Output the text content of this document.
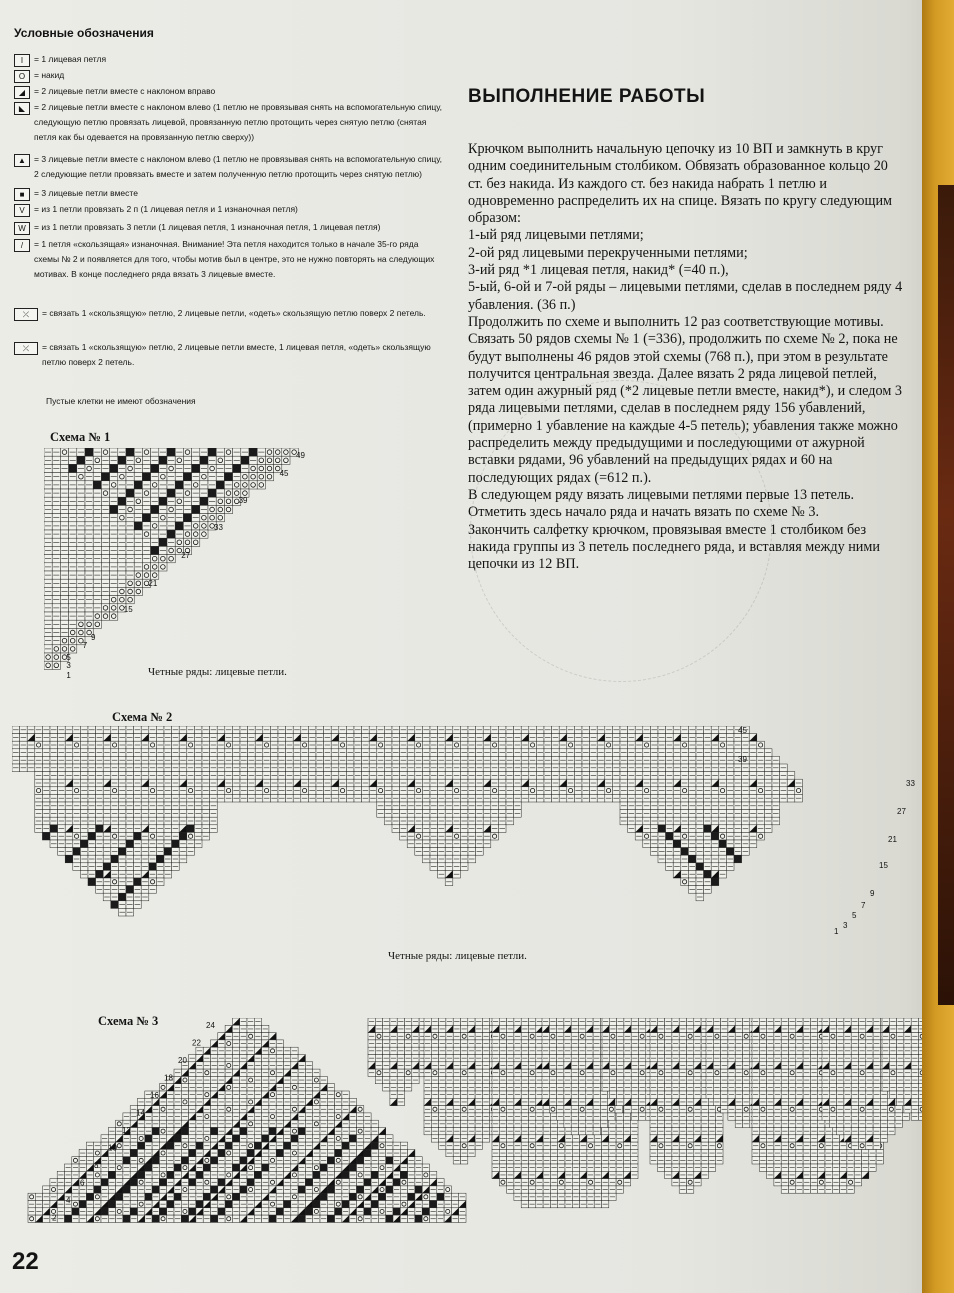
Условные обозначения
I	= 1 лицевая петля
O	= накид
◢	= 2 лицевые петли вместе с наклоном вправо
◣	= 2 лицевые петли вместе с наклоном влево (1 петлю не провязывая снять на вспомогательную спицу, следующую петлю провязать лицевой, провязанную петлю протощить через снятую петлю (снятая петля как бы одевается на провязанную петлю сверху))
▲ = 3 лицевые петли вместе с наклоном влево (1 петлю не провязывая снять на вспомогательную спицу, 2 следующие петли провязать вместе и затем полученную петлю протощить через снятую петлю)
■	= 3 лицевые петли вместе
V	= из 1 петли провязать 2 п (1 лицевая петля и 1 изнаночная петля)
W = из 1 петли провязать 3 петли (1 лицевая петля, 1 изнаночная петля, 1 лицевая петля)
/	= 1 петля «скользящая» изнаночная. Внимание! Эта петля находится только в начале 35-го ряда схемы № 2 и появляется для того, чтобы мотив был в центре, это не нужно повторять на следующих мотивах. В конце последнего ряда вязать 3 лицевые вместе.
⤫	= связать 1 «скользящую» петлю, 2 лицевые петли, «одеть» скользящую петлю поверх 2 петель.
⤫	= связать 1 «скользящую» петлю, 2 лицевые петли вместе, 1 лицевая петля, «одеть» скользящую петлю поверх 2 петель.
Пустые клетки не имеют обозначения
ВЫПОЛНЕНИЕ РАБОТЫ

Крючком выполнить начальную цепочку из 10 ВП и замкнуть в круг одним соединительным столбиком. Обвязать образованное кольцо 20 ст. без накида. Из каждого ст. без накида набрать 1 петлю и одновременно распределить их на спице. Вязать по кругу следующим образом:

1-ый ряд лицевыми петлями;

2-ой ряд лицевыми перекрученными петлями;

3-ий ряд *1 лицевая петля, накид* (=40 п.),

5-ый, 6-ой и 7-ой ряды – лицевыми петлями, сделав в последнем ряду 4 убавления. (36 п.)

Продолжить по схеме и выполнить 12 раз соответствующие мотивы. Связать 50 рядов схемы № 1 (=336), продолжить по схеме № 2, пока не будут выполнены 46 рядов этой схемы (768 п.), при этом в результате получится центральная звезда. Далее вязать 2 ряда лицевой петлей, затем один ажурный ряд (*2 лицевые петли вместе, накид*), и следом 3 ряда лицевыми петлями, сделав в последнем ряду 156 убавлений, (примерно 1 убавление на каждые 4-5 петель); убавления также можно распределить между предыдущими и последующими от ажурной вставки рядами, 96 убавлений на предыдущих рядах и 60 на последующих рядах (=612 п.).

В следующем ряду вязать лицевыми петлями первые 13 петель. Отметить здесь начало ряда и начать вязать по схеме № 3.

Закончить салфетку крючком, провязывая вместе 1 столбиком без накида группы из 3 петель последнего ряда, и вставляя между ними цепочки из 12 ВП.

Схема № 1
49
45
39
33
27
21
15
9
7
5
3
1	Четные ряды: лицевые петли.
Схема № 2
45
39
33
27
21
15
9
7
5
3
1
Четные ряды: лицевые петли.
Схема № 3	24
22
20
18
16
14
12
10
8
6
4
2
22
